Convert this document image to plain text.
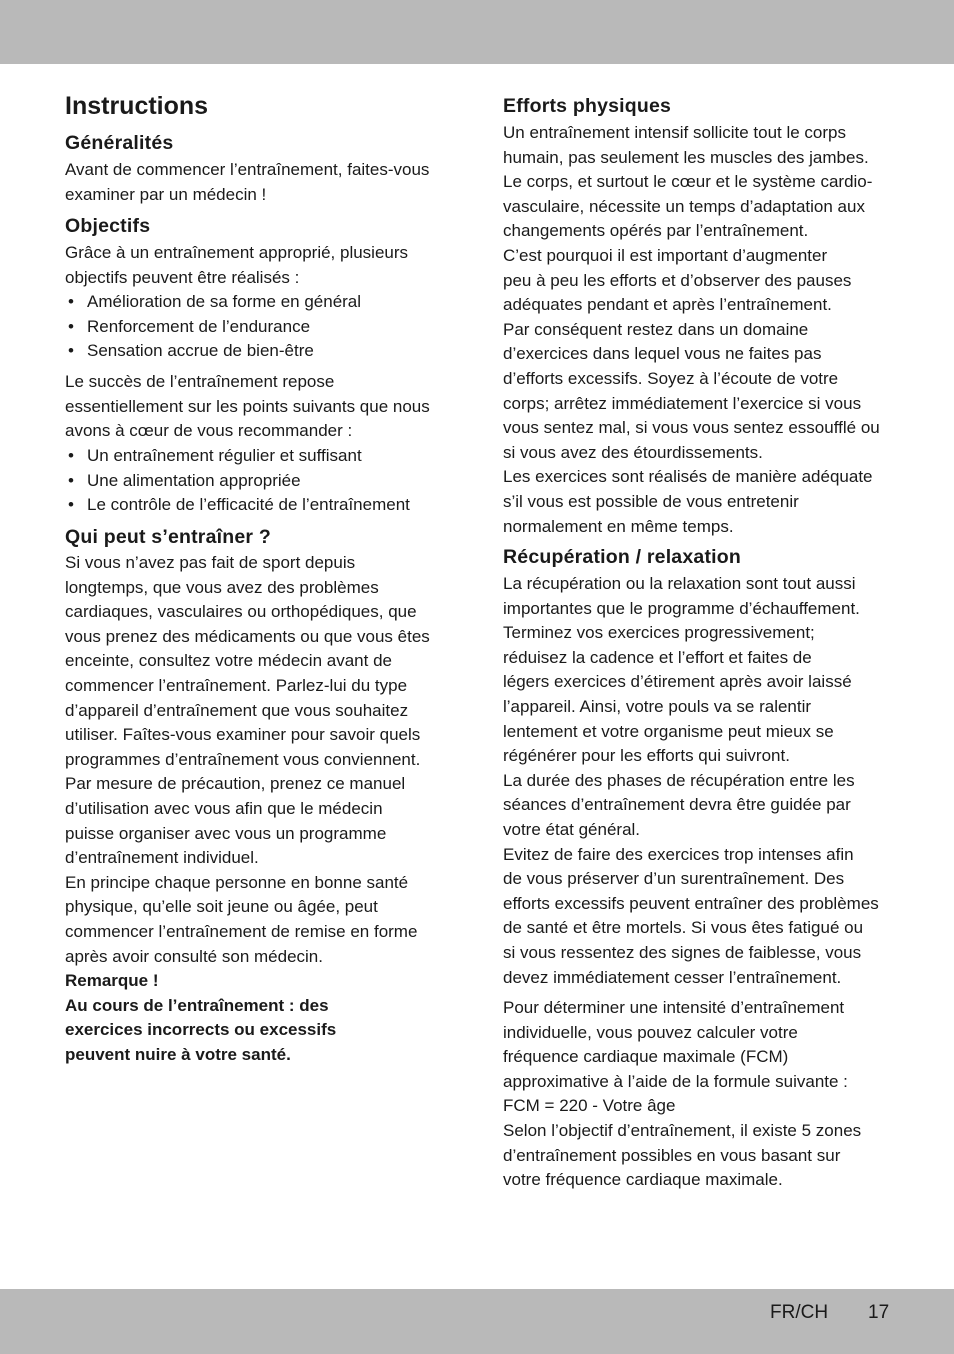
Instructions
Généralités

Avant de commencer l’entraînement, faites-vous
examiner par un médecin !

Objectifs

Grâce à un entraînement approprié, plusieurs
objectifs peuvent être réalisés :

• Amélioration de sa forme en général
• Renforcement de l’endurance
• Sensation accrue de bien-être

Le succès de l’entraînement repose
essentiellement sur les points suivants que nous
avons à cœur de vous recommander :

• Un entraînement régulier et suffisant
• Une alimentation appropriée
• Le contrôle de l’efficacité de l’entraînement
Qui peut s’entraîner ?

Si vous n’avez pas fait de sport depuis
longtemps, que vous avez des problèmes
cardiaques, vasculaires ou orthopédiques, que
vous prenez des médicaments ou que vous êtes
enceinte, consultez votre médecin avant de
commencer l’entraînement. Parlez-lui du type
d’appareil d’entraînement que vous souhaitez
utiliser. Faîtes-vous examiner pour savoir quels
programmes d’entraînement vous conviennent.
Par mesure de précaution, prenez ce manuel
d’utilisation avec vous afin que le médecin
puisse organiser avec vous un programme
d’entraînement individuel.
En principe chaque personne en bonne santé
physique, qu’elle soit jeune ou âgée, peut
commencer l’entraînement de remise en forme
après avoir consulté son médecin.

Remarque !
Au cours de l’entraînement : des
exercices incorrects ou excessifs
peuvent nuire à votre santé.

Efforts physiques

Un entraînement intensif sollicite tout le corps
humain, pas seulement les muscles des jambes.
Le corps, et surtout le cœur et le système cardio-
vasculaire, nécessite un temps d’adaptation aux
changements opérés par l’entraînement.
C’est pourquoi il est important d’augmenter
peu à peu les efforts et d’observer des pauses
adéquates pendant et après l’entraînement.
Par conséquent restez dans un domaine
d’exercices dans lequel vous ne faites pas
d’efforts excessifs. Soyez à l’écoute de votre
corps; arrêtez immédiatement l’exercice si vous
vous sentez mal, si vous vous sentez essoufflé ou
si vous avez des étourdissements.
Les exercices sont réalisés de manière adéquate
s’il vous est possible de vous entretenir
normalement en même temps.

Récupération / relaxation

La récupération ou la relaxation sont tout aussi
importantes que le programme d’échauffement.
Terminez vos exercices progressivement;
réduisez la cadence et l’effort et faites de
légers exercices d’étirement après avoir laissé
l’appareil. Ainsi, votre pouls va se ralentir
lentement et votre organisme peut mieux se
régénérer pour les efforts qui suivront.
La durée des phases de récupération entre les
séances d’entraînement devra être guidée par
votre état général.
Evitez de faire des exercices trop intenses afin
de vous préserver d’un surentraînement. Des
efforts excessifs peuvent entraîner des problèmes
de santé et être mortels. Si vous êtes fatigué ou
si vous ressentez des signes de faiblesse, vous
devez immédiatement cesser l’entraînement.

Pour déterminer une intensité d’entraînement
individuelle, vous pouvez calculer votre
fréquence cardiaque maximale (FCM)
approximative à l’aide de la formule suivante :
FCM = 220 - Votre âge
Selon l’objectif d’entraînement, il existe 5 zones
d’entraînement possibles en vous basant sur
votre fréquence cardiaque maximale.

FR/CH 17
